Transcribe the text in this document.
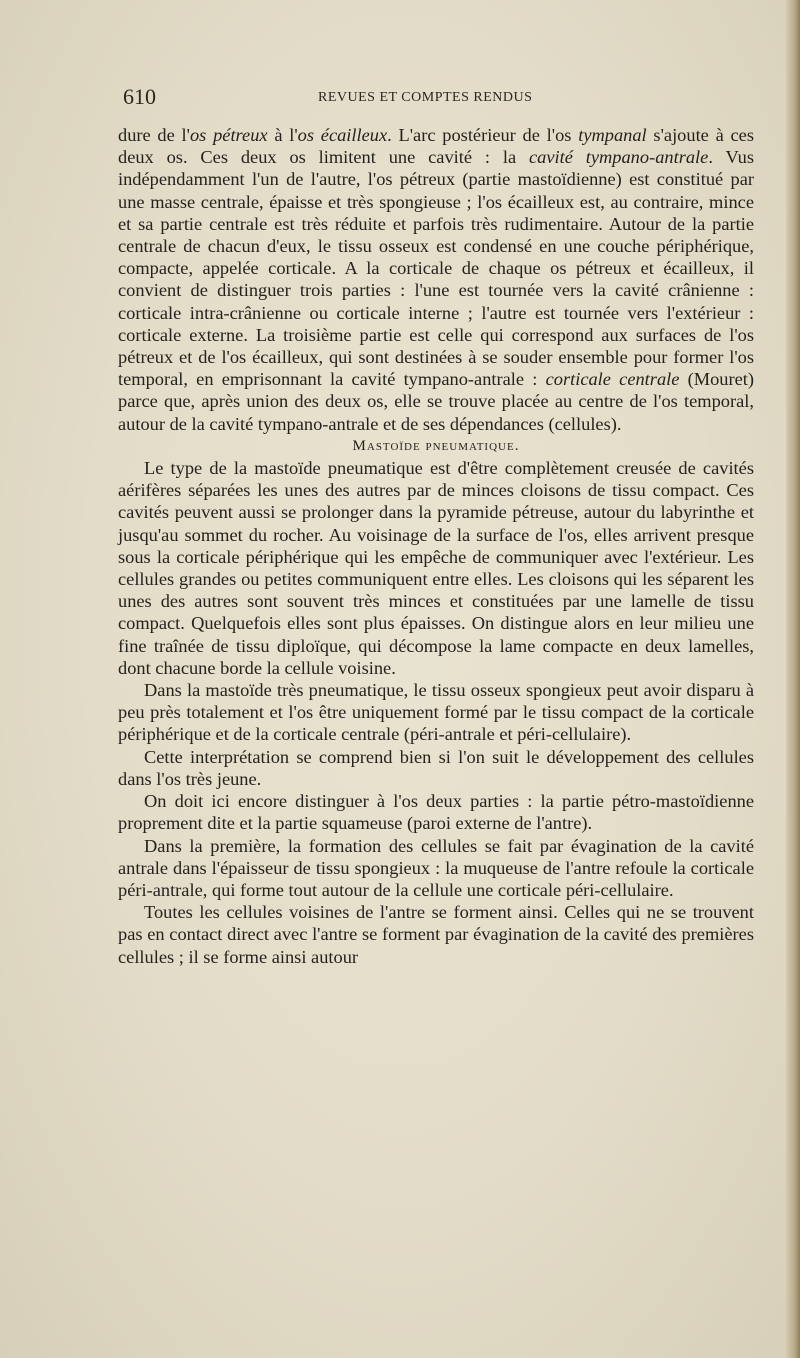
610	REVUES ET COMPTES RENDUS

dure de l'os pétreux à l'os écailleux. L'arc postérieur de l'os tympanal s'ajoute à ces deux os. Ces deux os limitent une cavité : la cavité tympano-antrale. Vus indépendamment l'un de l'autre, l'os pétreux (partie mastoïdienne) est constitué par une masse centrale, épaisse et très spongieuse ; l'os écailleux est, au contraire, mince et sa partie centrale est très réduite et parfois très rudimentaire. Autour de la partie centrale de chacun d'eux, le tissu osseux est condensé en une couche périphérique, compacte, appelée corticale. A la corticale de chaque os pétreux et écailleux, il convient de distinguer trois parties : l'une est tournée vers la cavité crânienne : corticale intra-crânienne ou corticale interne ; l'autre est tournée vers l'extérieur : corticale externe. La troisième partie est celle qui correspond aux surfaces de l'os pétreux et de l'os écailleux, qui sont destinées à se souder ensemble pour former l'os temporal, en emprisonnant la cavité tympano-antrale : corticale centrale (Mouret) parce que, après union des deux os, elle se trouve placée au centre de l'os temporal, autour de la cavité tympano-antrale et de ses dépendances (cellules).

Mastoïde pneumatique.

Le type de la mastoïde pneumatique est d'être complètement creusée de cavités aérifères séparées les unes des autres par de minces cloisons de tissu compact. Ces cavités peuvent aussi se prolonger dans la pyramide pétreuse, autour du labyrinthe et jusqu'au sommet du rocher. Au voisinage de la surface de l'os, elles arrivent presque sous la corticale périphérique qui les empêche de communiquer avec l'extérieur. Les cellules grandes ou petites communiquent entre elles. Les cloisons qui les séparent les unes des autres sont souvent très minces et constituées par une lamelle de tissu compact. Quelquefois elles sont plus épaisses. On distingue alors en leur milieu une fine traînée de tissu diploïque, qui décompose la lame compacte en deux lamelles, dont chacune borde la cellule voisine.

Dans la mastoïde très pneumatique, le tissu osseux spongieux peut avoir disparu à peu près totalement et l'os être uniquement formé par le tissu compact de la corticale périphérique et de la corticale centrale (péri-antrale et péri-cellulaire).

Cette interprétation se comprend bien si l'on suit le développement des cellules dans l'os très jeune.

On doit ici encore distinguer à l'os deux parties : la partie pétro-mastoïdienne proprement dite et la partie squameuse (paroi externe de l'antre).

Dans la première, la formation des cellules se fait par évagination de la cavité antrale dans l'épaisseur de tissu spongieux : la muqueuse de l'antre refoule la corticale péri-antrale, qui forme tout autour de la cellule une corticale péri-cellulaire.

Toutes les cellules voisines de l'antre se forment ainsi. Celles qui ne se trouvent pas en contact direct avec l'antre se forment par évagination de la cavité des premières cellules ; il se forme ainsi autour
